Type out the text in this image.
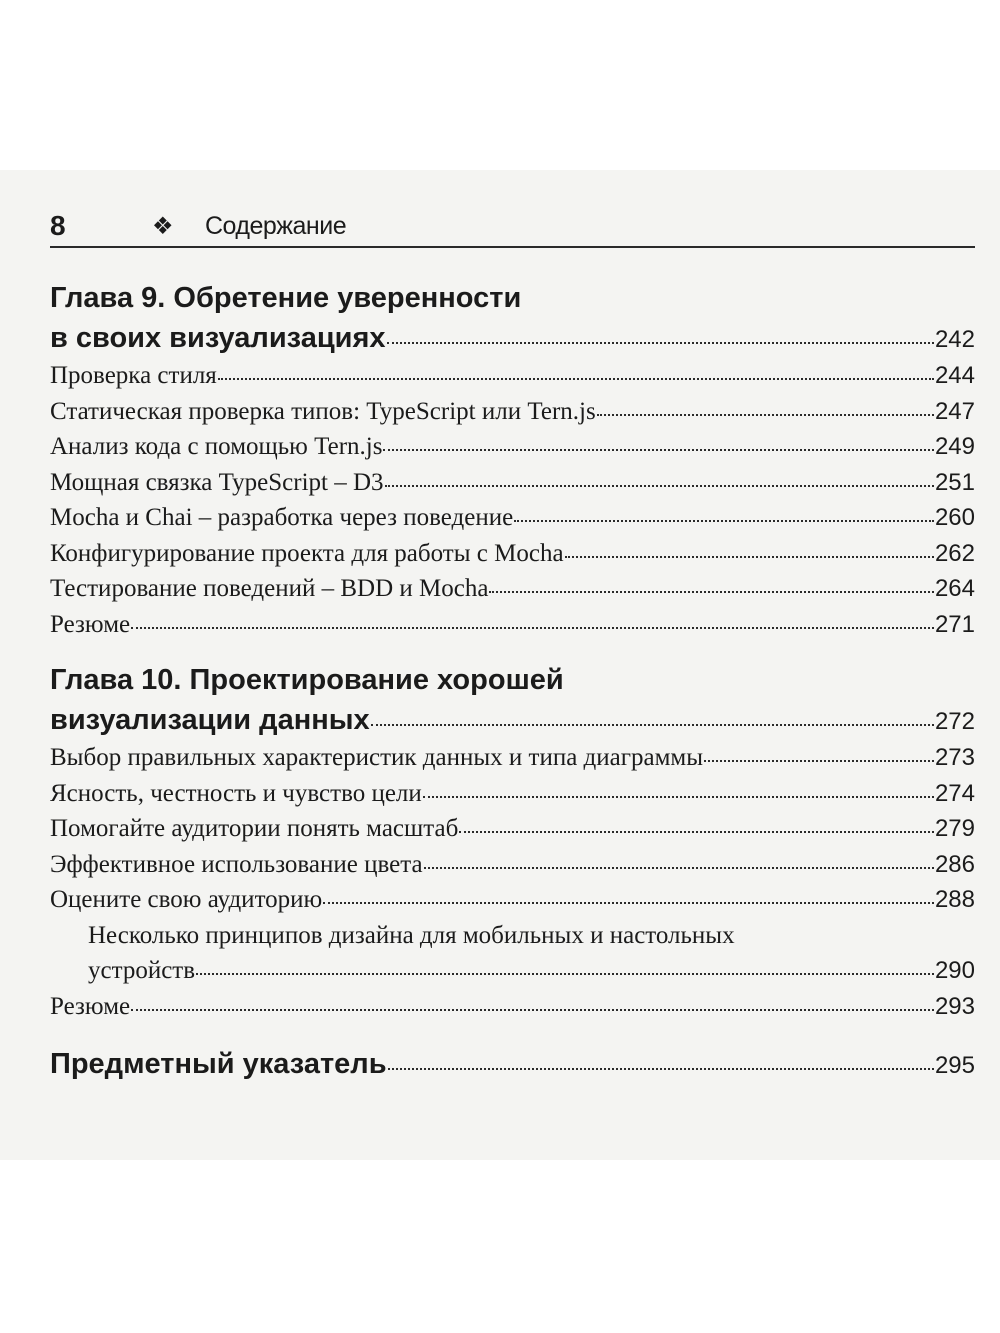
8	❖ Содержание
Глава 9. Обретение уверенности
в своих визуализациях	242
Проверка стиля	244
Статическая проверка типов: TypeScript или Tern.js	247
Анализ кода с помощью Tern.js	249
Мощная связка TypeScript – D3	251
Mocha и Chai – разработка через поведение	260
Конфигурирование проекта для работы с Mocha	262
Тестирование поведений – BDD и Mocha	264
Резюме	271
Глава 10. Проектирование хорошей
визуализации данных	272
Выбор правильных характеристик данных и типа диаграммы	273
Ясность, честность и чувство цели	274
Помогайте аудитории понять масштаб	279
Эффективное использование цвета	286
Оцените свою аудиторию	288
Несколько принципов дизайна для мобильных и настольных
устройств	290
Резюме	293
Предметный указатель	295
